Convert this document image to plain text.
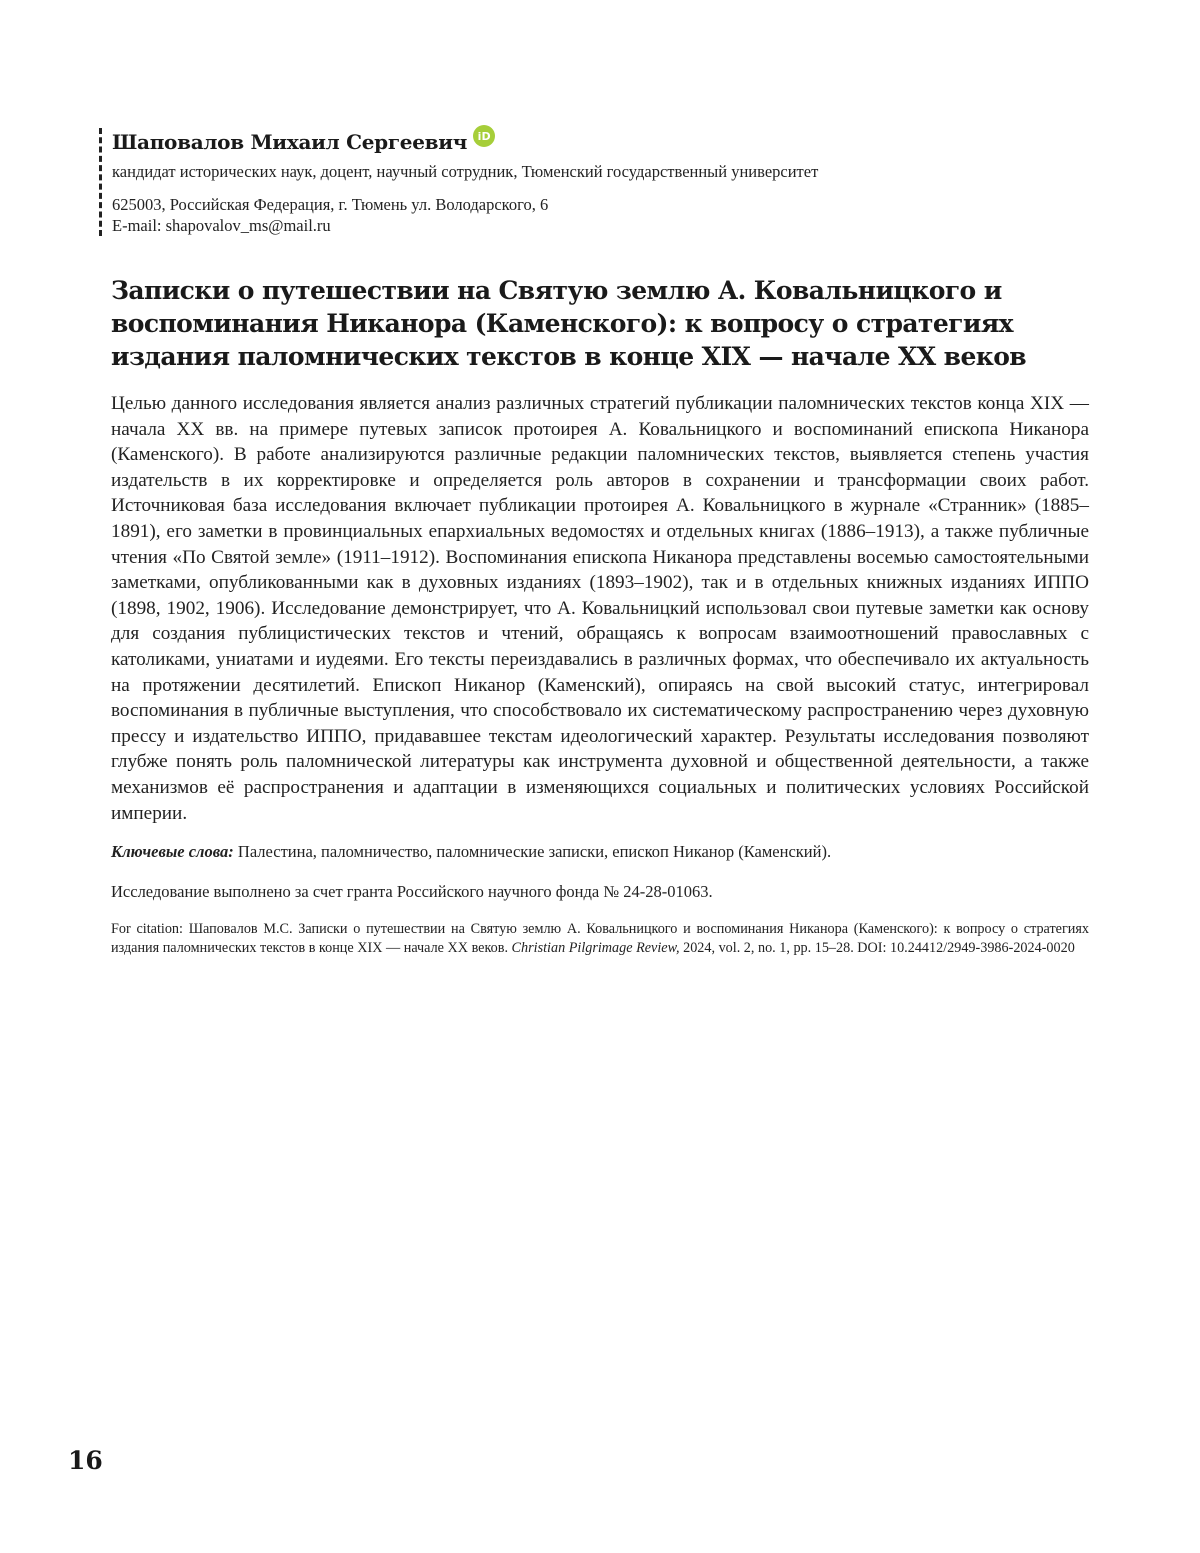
Шаповалов Михаил Сергеевич iD
кандидат исторических наук, доцент, научный сотрудник, Тюменский государственный университет
625003, Российская Федерация, г. Тюмень ул. Володарского, 6
E-mail: shapovalov_ms@mail.ru
Записки о путешествии на Святую землю А. Ковальницкого и воспоминания Никанора (Каменского): к вопросу о стратегиях издания паломнических текстов в конце XIX — начале XX веков

Целью данного исследования является анализ различных стратегий публикации паломнических текстов конца XIX — начала XX вв. на примере путевых записок протоирея А. Ковальницкого и воспоминаний епископа Никанора (Каменского). В работе анализируются различные редакции паломнических текстов, выявляется степень участия издательств в их корректировке и определяется роль авторов в сохранении и трансформации своих работ. Источниковая база исследования включает публикации протоирея А. Ковальницкого в журнале «Странник» (1885–1891), его заметки в провинциальных епархиальных ведомостях и отдельных книгах (1886–1913), а также публичные чтения «По Святой земле» (1911–1912). Воспоминания епископа Никанора представлены восемью самостоятельными заметками, опубликованными как в духовных изданиях (1893–1902), так и в отдельных книжных изданиях ИППО (1898, 1902, 1906). Исследование демонстрирует, что А. Ковальницкий использовал свои путевые заметки как основу для создания публицистических текстов и чтений, обращаясь к вопросам взаимоотношений православных с католиками, униатами и иудеями. Его тексты переиздавались в различных формах, что обеспечивало их актуальность на протяжении десятилетий. Епископ Никанор (Каменский), опираясь на свой высокий статус, интегрировал воспоминания в публичные выступления, что способствовало их систематическому распространению через духовную прессу и издательство ИППО, придававшее текстам идеологический характер. Результаты исследования позволяют глубже понять роль паломнической литературы как инструмента духовной и общественной деятельности, а также механизмов её распространения и адаптации в изменяющихся социальных и политических условиях Российской империи.

Ключевые слова: Палестина, паломничество, паломнические записки, епископ Никанор (Каменский).

Исследование выполнено за счет гранта Российского научного фонда № 24-28-01063.

For citation: Шаповалов М.С. Записки о путешествии на Святую землю А. Ковальницкого и воспоминания Никанора (Каменского): к вопросу о стратегиях издания паломнических текстов в конце XIX — начале XX веков. Christian Pilgrimage Review, 2024, vol. 2, no. 1, pp. 15–28. DOI: 10.24412/2949-3986-2024-0020

16
